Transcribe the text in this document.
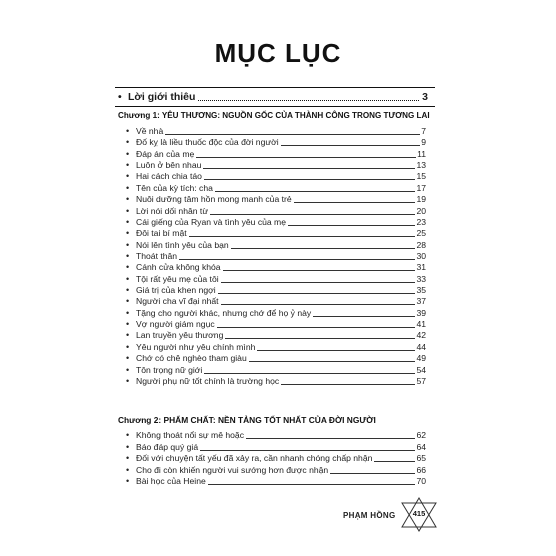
MỤC LỤC
• Lời giới thiêu	3
Chương 1: YÊU THƯƠNG: NGUỒN GỐC CỦA THÀNH CÔNG TRONG TƯƠNG LAI
• Về nhà	7
• Đố kỵ là liều thuốc độc của đời người	9
• Đáp án của mẹ	11
• Luôn ở bên nhau	13
• Hai cách chia táo	15
• Tên của kỳ tích: cha	17
• Nuôi dưỡng tâm hồn mong manh của trẻ	19
• Lời nói dối nhân từ	20
• Cái giếng của Ryan và tình yêu của mẹ	23
• Đôi tai bí mật	25
• Nói lên tình yêu của bạn	28
• Thoát thân	30
• Cánh cửa không khóa	31
• Tội rất yêu mẹ của tôi	33
• Giá trị của khen ngợi	35
• Người cha vĩ đại nhất	37
• Tặng cho người khác, nhưng chớ để họ ỷ này	39
• Vợ người giám ngục	41
• Lan truyền yêu thương	42
• Yêu người như yêu chính mình	44
• Chớ có chê nghèo tham giàu	49
• Tôn trọng nữ giới	54
• Người phụ nữ tốt chính là trường học	57
Chương 2: PHẨM CHẤT: NỀN TẢNG TỐT NHẤT CỦA ĐỜI NGƯỜI
• Không thoát nổi sự mê hoặc	62
• Báo đáp quý giá	64
• Đối với chuyện tất yếu đã xảy ra, cần nhanh chóng chấp nhận	65
• Cho đi còn khiến người vui sướng hơn được nhận	66
• Bài học của Heine	70
PHẠM HỒNG	415
